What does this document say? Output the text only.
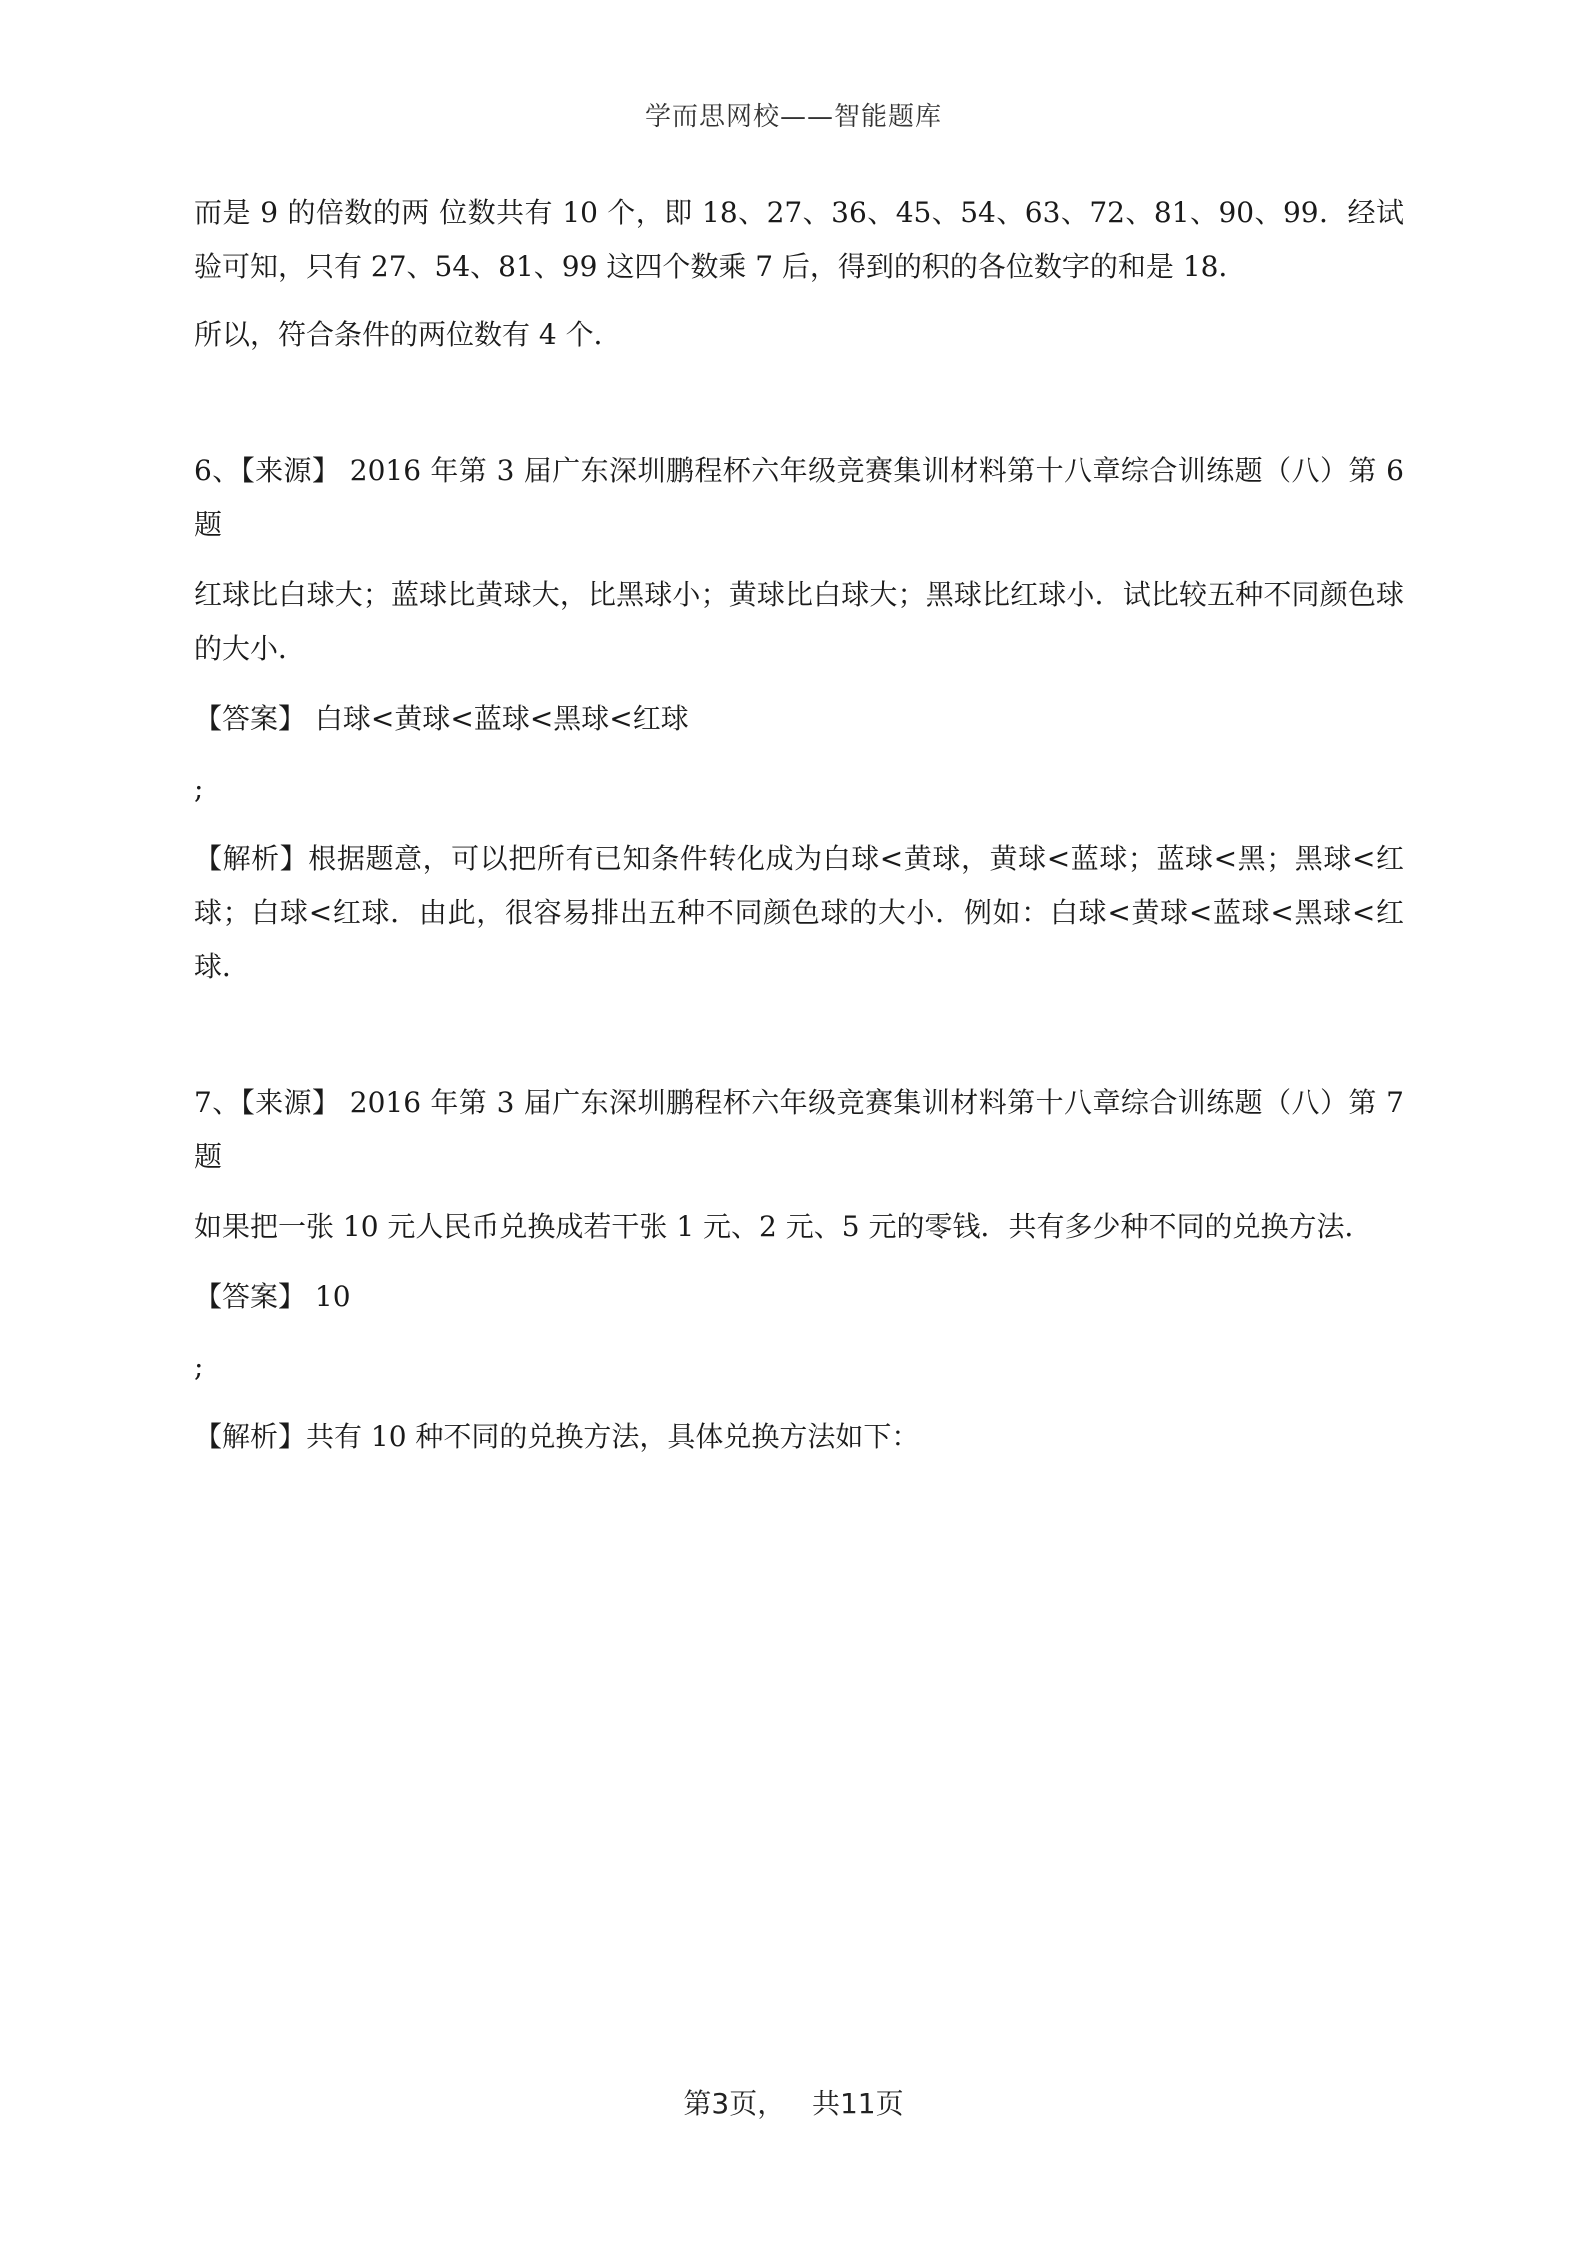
学而思网校——智能题库

而是 9 的倍数的两 位数共有 10 个，即 18、27、36、45、54、63、72、81、90、99．经试验可知，只有 27、54、81、99 这四个数乘 7 后，得到的积的各位数字的和是 18．

所以，符合条件的两位数有 4 个．

6、【来源】 2016 年第 3 届广东深圳鹏程杯六年级竞赛集训材料第十八章综合训练题（八）第 6 题

红球比白球大；蓝球比黄球大，比黑球小；黄球比白球大；黑球比红球小．试比较五种不同颜色球的大小．

【答案】 白球<黄球<蓝球<黑球<红球

;

【解析】根据题意，可以把所有已知条件转化成为白球<黄球，黄球<蓝球；蓝球<黑；黑球<红球；白球<红球．由此，很容易排出五种不同颜色球的大小．例如：白球<黄球<蓝球<黑球<红球．

7、【来源】 2016 年第 3 届广东深圳鹏程杯六年级竞赛集训材料第十八章综合训练题（八）第 7 题

如果把一张 10 元人民币兑换成若干张 1 元、2 元、5 元的零钱．共有多少种不同的兑换方法．

【答案】 10

;

【解析】共有 10 种不同的兑换方法，具体兑换方法如下：

第3页，   共11页
